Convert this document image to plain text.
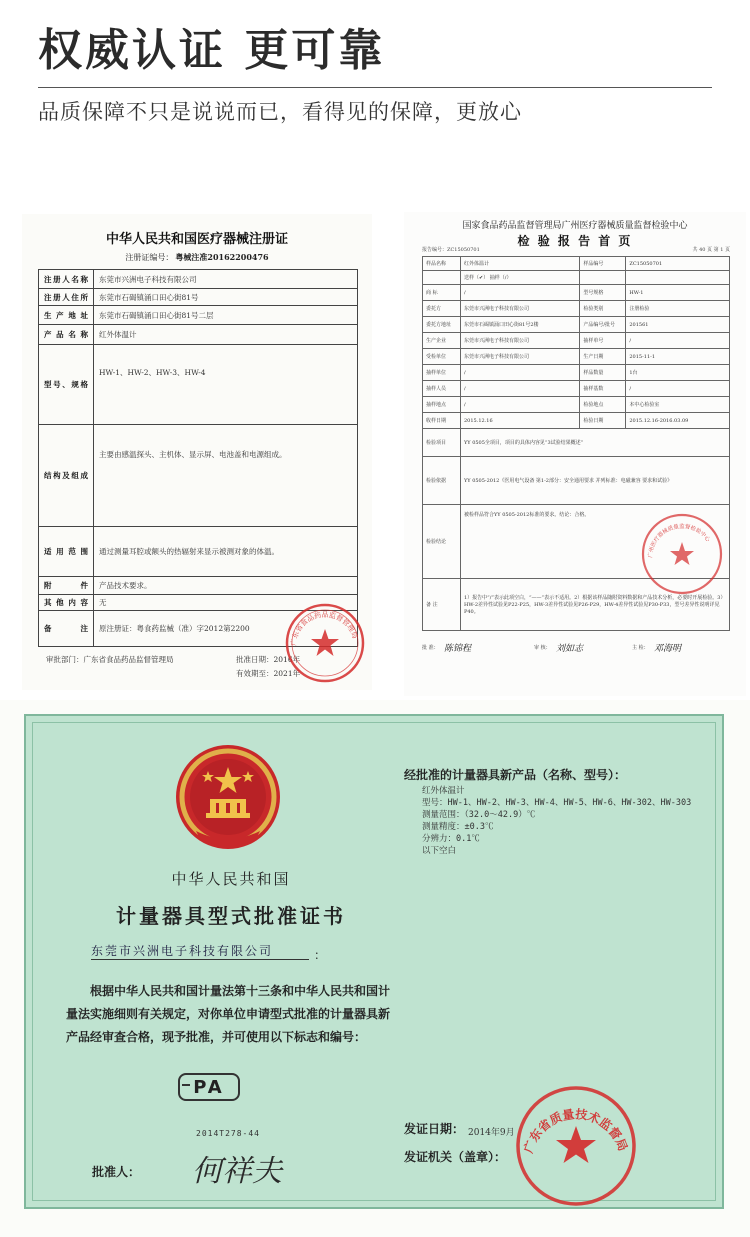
权威认证 更可靠
品质保障不只是说说而已，看得见的保障，更放心
中华人民共和国医疗器械注册证
注册证编号： 粤械注准20162200476
注册人名称	东莞市兴洲电子科技有限公司
注册人住所	东莞市石碣镇涌口田心街81号
生产地址	东莞市石碣镇涌口田心街81号二层
产品名称	红外体温计
型号、规格	HW-1、HW-2、HW-3、HW-4
结构及组成	主要由感温探头、主机体、显示屏、电池盖和电源组成。
适用范围	通过测量耳腔或额头的热辐射来显示被测对象的体温。
附件	产品技术要求。
其他内容	无
备注	原注册证：粤食药监械（准）字2012第2200
审批部门：广东省食品药品监督管理局	批准日期：2016年
有效期至：2021年
广东省食品药品监督管理局
国家食品药品监督管理局广州医疗器械质量监督检验中心
检 验 报 告 首 页
报告编号：ZC15050701	共 40 页 第 1 页
样品名称	红外体温计	样品编号	ZC15050701
	送样（✔） 抽样（/）		
商 标	/	型号规格	HW-1
委托方	东莞市兴洲电子科技有限公司	检验类别	注册检验
委托方地址	东莞市石碣镇涌口田心街81号2楼	产品编号/批号	201561
生产企业	东莞市兴洲电子科技有限公司	抽样单号	/
受检单位	东莞市兴洲电子科技有限公司	生产日期	2015-11-1
抽样单位	/	样品数量	1台
抽样人员	/	抽样基数	/
抽样地点	/	检验地点	本中心检验室
收样日期	2015.12.16	检验日期	2015.12.16-2016.03.09
检验项目	YY 0505全项目，项目的具体内容见“3试验结果概述”		
检验依据	YY 0505-2012《医用电气设备 第1-2部分：安全通用要求 并列标准：电磁兼容 要求和试验》		
检验结论	被检样品符合YY 0505-2012标准的要求。结论：合格。		
备 注	1）报告中“/”表示此项空白，“——”表示不适用。2）根据该样品随附资料数据和产品技术分析，必要时开展检验。3）HW-2差异性试验见P22-P25，HW-3差异性试验见P26-P29，HW-4差异性试验见P30-P33，型号差异性说明详见P40。		
批 准： 陈锦程	审 核： 刘如志	主 检： 邓海明
广州医疗器械质量监督检验中心
中华人民共和国
计量器具型式批准证书
东莞市兴洲电子科技有限公司	：
根据中华人民共和国计量法第十三条和中华人民共和国计量法实施细则有关规定，对你单位申请型式批准的计量器具新产品经审查合格，现予批准，并可使用以下标志和编号：
PA
2014T278-44
批准人： 何祥夫
经批准的计量器具新产品（名称、型号）：
红外体温计
型号：HW-1、HW-2、HW-3、HW-4、HW-5、HW-6、HW-302、HW-303
测量范围：（32.0～42.9）℃
测量精度：±0.3℃
分辨力：0.1℃
以下空白
发证日期： 2014年9月
发证机关（盖章）：
广东省质量技术监督局
